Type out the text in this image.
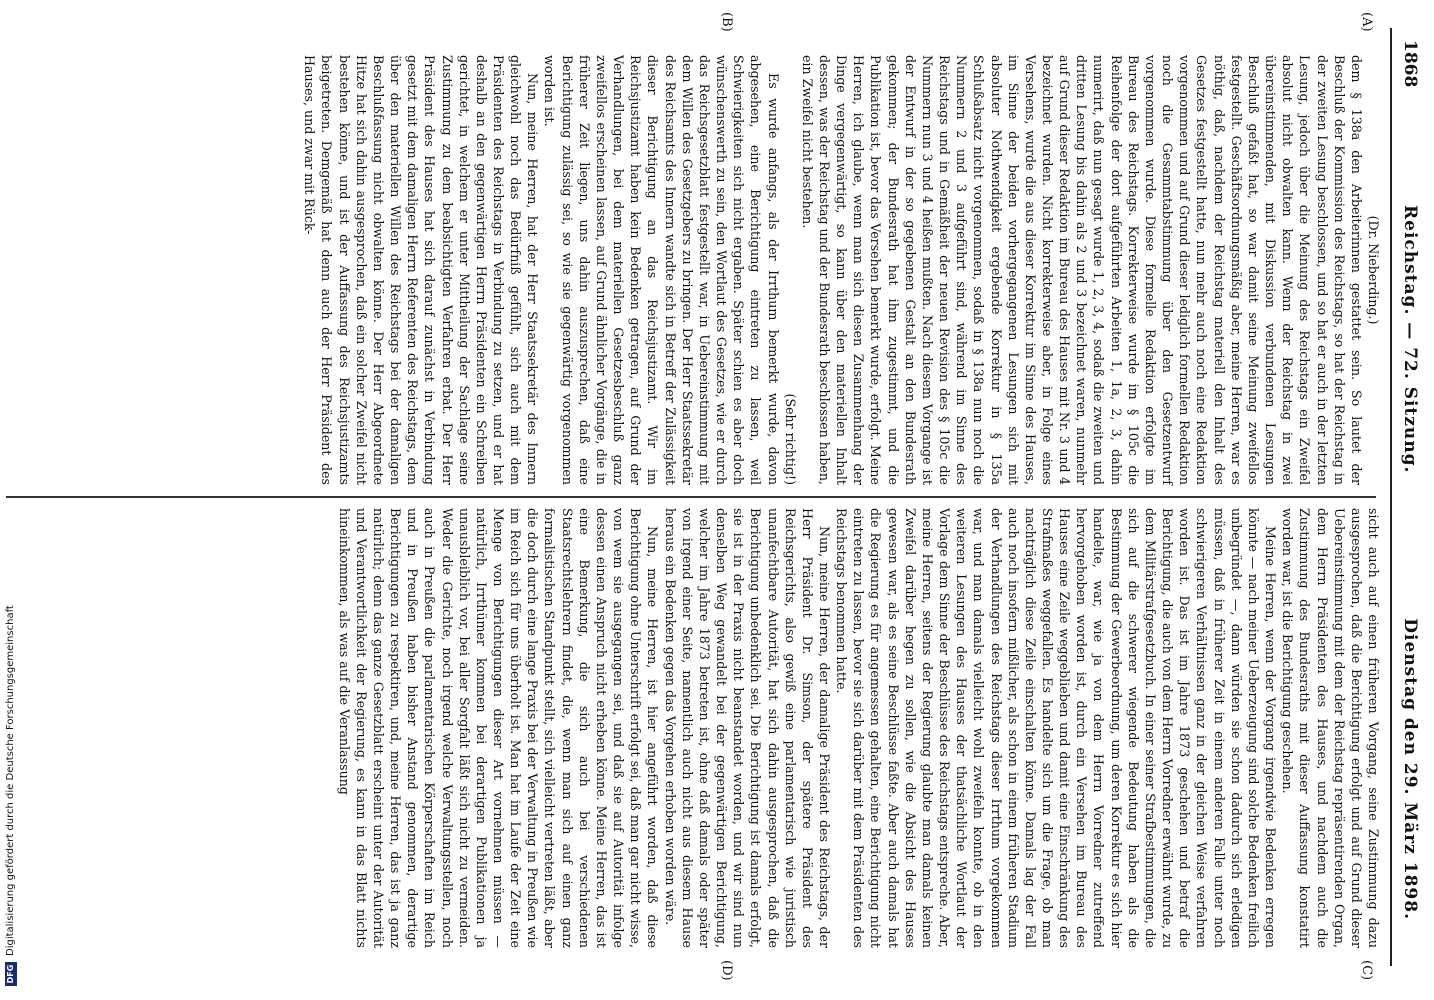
1868
Reichstag. — 72. Sitzung.
Dienstag den 29. März 1898.
(A)
(B)
(C)
(D)

(Dr. Nieberding.)

dem § 138a den Arbeiterinnen gestattet sein. So lautet der Beschluß der Kommission des Reichstags, so hat der Reichstag in der zweiten Lesung beschlossen, und so hat er auch in der letzten Lesung, jedoch über die Meinung des Reichstags ein Zweifel absolut nicht obwalten kann. Wenn der Reichstag in zwei übereinstimmenden, mit Diskussion verbundenen Lesungen Beschluß gefaßt hat, so war damit seine Meinung zweifellos festgestellt. Geschäftsordnungsmäßig aber, meine Herren, war es nöthig, daß, nachdem der Reichstag materiell den Inhalt des Gesetzes festgestellt hatte, nun mehr auch noch eine Redaktion vorgenommen und auf Grund dieser lediglich formellen Redaktion noch die Gesammtabstimmung über den Gesetzentwurf vorgenommen wurde. Diese formelle Redaktion erfolgte im Bureau des Reichstags. Korrekterweise wurde im § 105c die Reihenfolge der dort aufgeführten Arbeiten 1, 1a, 2, 3, dahin numerirt, daß nun gesagt wurde 1, 2, 3, 4, sodaß die zweiten und dritten Lesung bis dahin als 2 und 3 bezeichnet waren, nunmehr auf Grund dieser Redaktion im Bureau des Hauses mit Nr. 3 und 4 bezeichnet wurden. Nicht korrekterweise aber, in Folge eines Versehens, wurde die aus dieser Korrektur im Sinne des Hauses, im Sinne der beiden vorhergegangenen Lesungen sich mit absoluter Nothwendigkeit ergebende Korrektur in § 135a Schlußabsatz nicht vorgenommen, sodaß in § 138a nun noch die Nummern 2 und 3 aufgeführt sind, während im Sinne des Reichstags und in Gemäßheit der neuen Revision des § 105c die Nummern nun 3 und 4 heißen mußten. Nach diesem Vorgange ist der Entwurf in der so gegebenen Gestalt an den Bundesrath gekommen; der Bundesrath hat ihm zugestimmt, und die Publikation ist, bevor das Versehen bemerkt wurde, erfolgt. Meine Herren, ich glaube, wenn man sich diesen Zusammenhang der Dinge vergegenwärtigt, so kann über den materiellen Inhalt dessen, was der Reichstag und der Bundesrath beschlossen haben, ein Zweifel nicht bestehen.

(Sehr richtig!)

Es wurde anfangs, als der Irrthum bemerkt wurde, davon abgesehen, eine Berichtigung eintreten zu lassen, weil Schwierigkeiten sich nicht ergaben. Später schien es aber doch wünschenswerth zu sein, den Wortlaut des Gesetzes, wie er durch das Reichsgesetzblatt festgestellt war, in Uebereinstimmung mit dem Willen des Gesetzgebers zu bringen. Der Herr Staatssekretär des Reichsamts des Innern wandte sich in Betreff der Zulässigkeit dieser Berichtigung an das Reichsjustizamt. Wir im Reichsjustizamt haben kein Bedenken getragen, auf Grund der Verhandlungen, bei dem materiellen Gesetzesbeschluß ganz zweifellos erscheinen lassen, auf Grund ähnlicher Vorgänge, die in früherer Zeit liegen, uns dahin auszusprechen, daß eine Berichtigung zulässig sei, so wie sie gegenwärtig vorgenommen worden ist.

Nun, meine Herren, hat der Herr Staatssekretär des Innern gleichwohl noch das Bedürfniß gefühlt, sich auch mit dem Präsidenten des Reichstags in Verbindung zu setzen, und er hat deshalb an den gegenwärtigen Herrn Präsidenten ein Schreiben gerichtet, in welchem er unter Mittheilung der Sachlage seine Zustimmung zu dem beabsichtigten Verfahren erbat. Der Herr Präsident des Hauses hat sich darauf zunächst in Verbindung gesetzt mit dem damaligen Herrn Referenten des Reichstags, dem über den materiellen Willen des Reichstags bei der damaligen Beschlußfassung nicht obwalten könne. Der Herr Abgeordnete Hitze hat sich dahin ausgesprochen, daß ein solcher Zweifel nicht bestehen könne, und ist der Auffassung des Reichsjustizamts beigetreten. Demgemäß hat denn auch der Herr Präsident des Hauses, und zwar mit Rück-

sicht auch auf einen früheren Vorgang, seine Zustimmung dazu ausgesprochen, daß die Berichtigung erfolgt und auf Grund dieser Uebereinstimmung mit dem der Reichstag repräsentirenden Organ, dem Herrn Präsidenten des Hauses, und nachdem auch die Zustimmung des Bundesraths mit dieser Auffassung konstatirt worden war, ist die Berichtigung geschehen.

Meine Herren, wenn der Vorgang irgendwie Bedenken erregen könnte — nach meiner Ueberzeugung sind solche Bedenken freilich unbegründet —, dann würden sie schon dadurch sich erledigen müssen, daß in früherer Zeit in einem anderen Falle unter noch schwierigeren Verhältnissen ganz in der gleichen Weise verfahren worden ist. Das ist im Jahre 1873 geschehen und betraf die Berichtigung, die auch von dem Herrn Vorredner erwähnt wurde, zu dem Militärstrafgesetzbuch. In einer seiner Strafbestimmungen, die sich auf die schwerer wiegende Bedeutung haben als die Bestimmung der Gewerbeordnung, um deren Korrektur es sich hier handelte, war, wie ja von dem Herrn Vorredner zutreffend hervorgehoben worden ist, durch ein Versehen im Bureau des Hauses eine Zeile weggeblieben und damit eine Einschränkung des Strafmaßes weggefallen. Es handelte sich um die Frage, ob man nachträglich diese Zeile einschalten könne. Damals lag der Fall auch noch insofern mißlicher, als schon in einem früheren Stadium der Verhandlungen des Reichstags dieser Irrthum vorgekommen war, und man damals vielleicht wohl zweifeln konnte, ob in den weiteren Lesungen des Hauses der thatsächliche Wortlaut der Vorlage dem Sinne der Beschlüsse des Reichstags entspreche. Aber, meine Herren, seitens der Regierung glaubte man damals keinen Zweifel darüber hegen zu sollen, wie die Absicht des Hauses gewesen war, als es seine Beschlüsse faßte. Aber auch damals hat die Regierung es für angemessen gehalten, eine Berichtigung nicht eintreten zu lassen, bevor sie sich darüber mit dem Präsidenten des Reichstags benommen hatte.

Nun, meine Herren, der damalige Präsident des Reichstags, der Herr Präsident Dr. Simson, der spätere Präsident des Reichsgerichts, also gewiß eine parlamentarisch wie juristisch unanfechtbare Autorität, hat sich dahin ausgesprochen, daß die Berichtigung unbedenklich sei. Die Berichtigung ist damals erfolgt, sie ist in der Praxis nicht beanstandet worden, und wir sind nun denselben Weg gewandelt bei der gegenwärtigen Berichtigung, welcher im Jahre 1873 betreten ist, ohne daß damals oder später von irgend einer Seite, namentlich auch nicht aus diesem Hause heraus ein Bedenken gegen das Vorgehen erhoben worden wäre.

Nun, meine Herren, ist hier angeführt worden, daß diese Berichtigung ohne Unterschrift erfolgt sei, daß man gar nicht wisse, von wem sie ausgegangen sei, und daß sie auf Autorität infolge dessen einen Anspruch nicht erheben könne. Meine Herren, das ist eine Bemerkung, die sich auch bei verschiedenen Staatsrechtslehrern findet, die, wenn man sich auf einen ganz formalistischen Standpunkt stellt, sich vielleicht vertreten läßt, aber die doch durch eine lange Praxis bei der Verwaltung in Preußen wie im Reich sich für uns überholt ist. Man hat im Laufe der Zeit eine Menge von Berichtigungen dieser Art vornehmen müssen — natürlich, Irrthümer kommen bei derartigen Publikationen ja unausbleiblich vor, bei aller Sorgfalt läßt sich nicht zu vermeiden. Weder die Gerichte, noch irgend welche Verwaltungsstellen, noch auch in Preußen die parlamentarischen Körperschaften im Reich und in Preußen haben bisher Anstand genommen, derartige Berichtigungen zu respektiren, und, meine Herren, das ist ja ganz natürlich; denn das ganze Gesetzblatt erscheint unter der Autorität und Verantwortlichkeit der Regierung, es kann in das Blatt nichts hineinkommen, als was auf die Veranlassung

DFG
Digitalisierung gefördert durch die Deutsche Forschungsgemeinschaft
